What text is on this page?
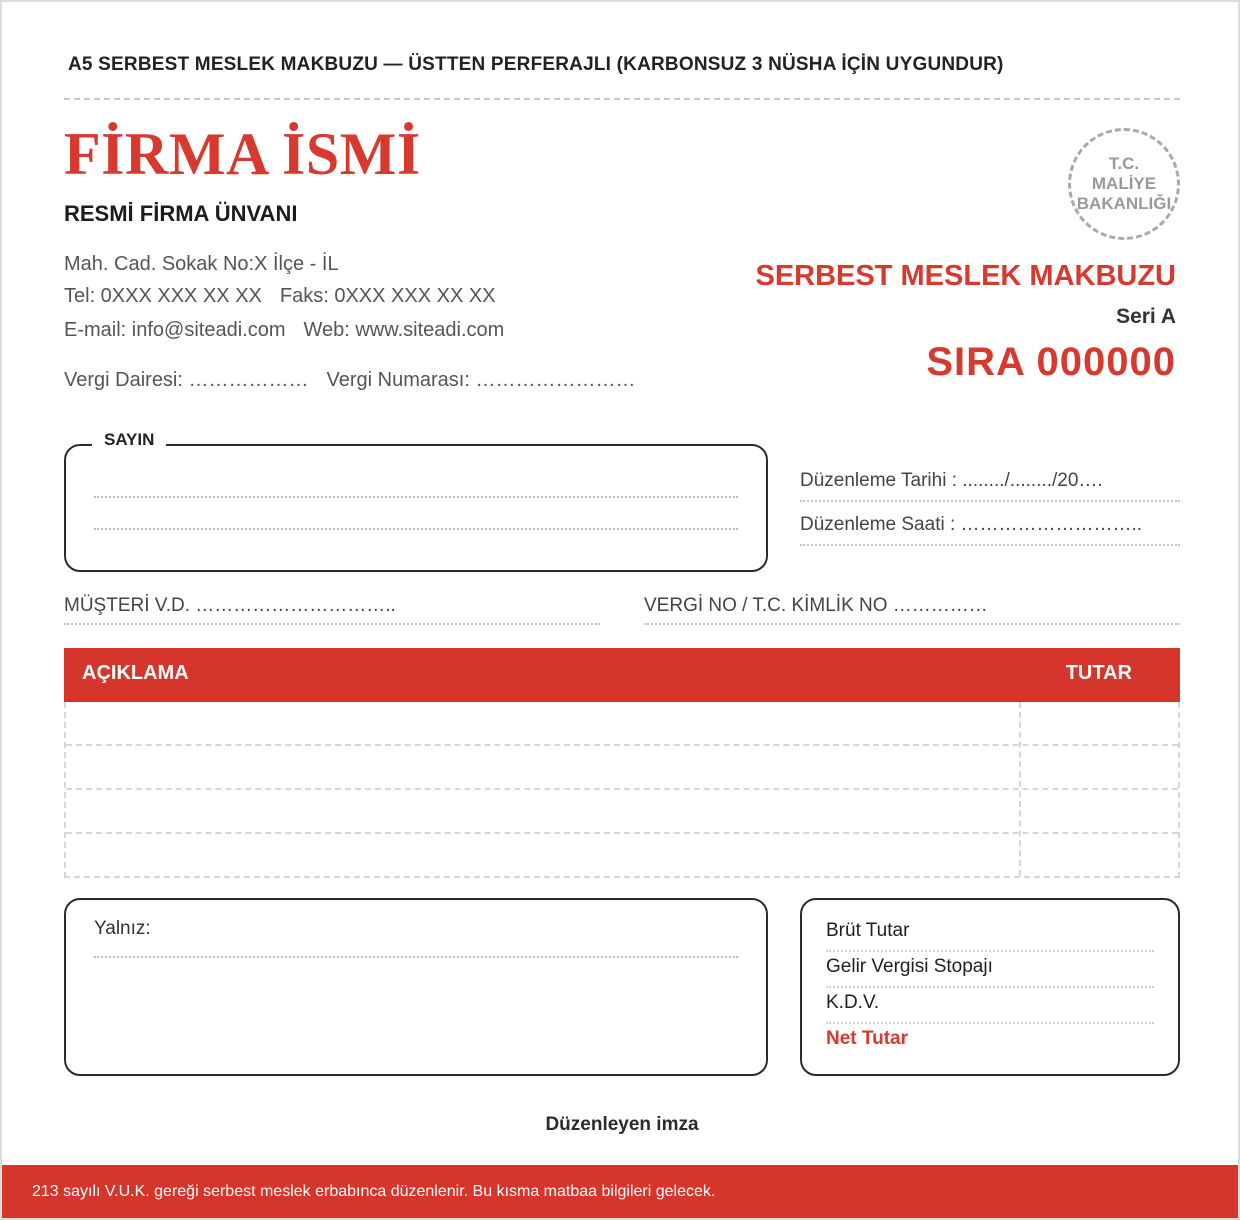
A5 SERBEST MESLEK MAKBUZU — ÜSTTEN PERFERAJLI (KARBONSUZ 3 NÜSHA İÇİN UYGUNDUR)
FİRMA İSMİ
RESMİ FİRMA ÜNVANI
Mah. Cad. Sokak No:X İlçe - İL
Tel: 0XXX XXX XX XX Faks: 0XXX XXX XX XX
E-mail: info@siteadi.com Web: www.siteadi.com
Vergi Dairesi: ……………… Vergi Numarası: ……………………
T.C.
MALİYE
BAKANLIĞI
SERBEST MESLEK MAKBUZU
Seri A
SIRA 000000
SAYIN
Düzenleme Tarihi : ......../......../20….
Düzenleme Saati : ………………………..
MÜŞTERİ V.D. …………………………..	VERGİ NO / T.C. KİMLİK NO ……………
AÇIKLAMA	TUTAR
Yalnız:	Brüt Tutar
Gelir Vergisi Stopajı
K.D.V.
Net Tutar
Düzenleyen imza
213 sayılı V.U.K. gereği serbest meslek erbabınca düzenlenir. Bu kısma matbaa bilgileri gelecek.
